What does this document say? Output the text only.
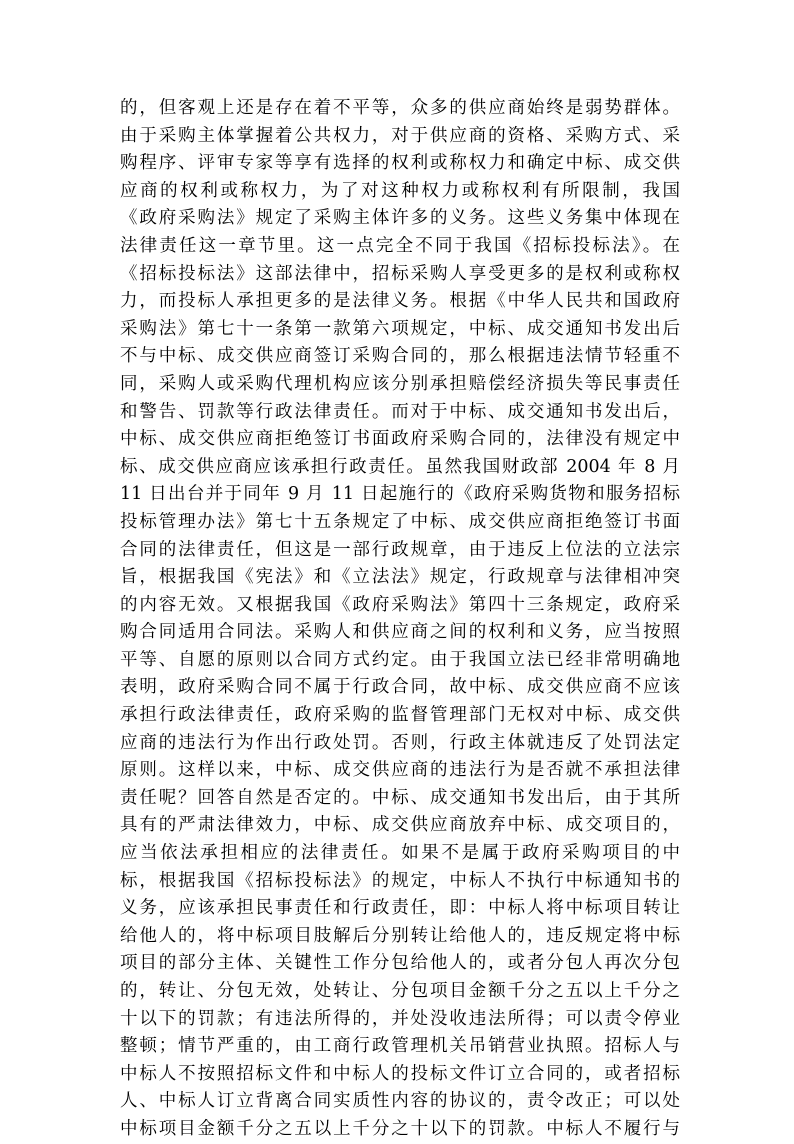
的，但客观上还是存在着不平等，众多的供应商始终是弱势群体。
由于采购主体掌握着公共权力，对于供应商的资格、采购方式、采
购程序、评审专家等享有选择的权利或称权力和确定中标、成交供
应商的权利或称权力，为了对这种权力或称权利有所限制，我国
《政府采购法》规定了采购主体许多的义务。这些义务集中体现在
法律责任这一章节里。这一点完全不同于我国《招标投标法》。在
《招标投标法》这部法律中，招标采购人享受更多的是权利或称权
力，而投标人承担更多的是法律义务。根据《中华人民共和国政府
采购法》第七十一条第一款第六项规定，中标、成交通知书发出后
不与中标、成交供应商签订采购合同的，那么根据违法情节轻重不
同，采购人或采购代理机构应该分别承担赔偿经济损失等民事责任
和警告、罚款等行政法律责任。而对于中标、成交通知书发出后，
中标、成交供应商拒绝签订书面政府采购合同的，法律没有规定中
标、成交供应商应该承担行政责任。虽然我国财政部 2004 年 8 月
11 日出台并于同年 9 月 11 日起施行的《政府采购货物和服务招标
投标管理办法》第七十五条规定了中标、成交供应商拒绝签订书面
合同的法律责任，但这是一部行政规章，由于违反上位法的立法宗
旨，根据我国《宪法》和《立法法》规定，行政规章与法律相冲突
的内容无效。又根据我国《政府采购法》第四十三条规定，政府采
购合同适用合同法。采购人和供应商之间的权利和义务，应当按照
平等、自愿的原则以合同方式约定。由于我国立法已经非常明确地
表明，政府采购合同不属于行政合同，故中标、成交供应商不应该
承担行政法律责任，政府采购的监督管理部门无权对中标、成交供
应商的违法行为作出行政处罚。否则，行政主体就违反了处罚法定
原则。这样以来，中标、成交供应商的违法行为是否就不承担法律
责任呢？回答自然是否定的。中标、成交通知书发出后，由于其所
具有的严肃法律效力，中标、成交供应商放弃中标、成交项目的，
应当依法承担相应的法律责任。如果不是属于政府采购项目的中
标，根据我国《招标投标法》的规定，中标人不执行中标通知书的
义务，应该承担民事责任和行政责任，即：中标人将中标项目转让
给他人的，将中标项目肢解后分别转让给他人的，违反规定将中标
项目的部分主体、关键性工作分包给他人的，或者分包人再次分包
的，转让、分包无效，处转让、分包项目金额千分之五以上千分之
十以下的罚款；有违法所得的，并处没收违法所得；可以责令停业
整顿；情节严重的，由工商行政管理机关吊销营业执照。招标人与
中标人不按照招标文件和中标人的投标文件订立合同的，或者招标
人、中标人订立背离合同实质性内容的协议的，责令改正；可以处
中标项目金额千分之五以上千分之十以下的罚款。中标人不履行与
